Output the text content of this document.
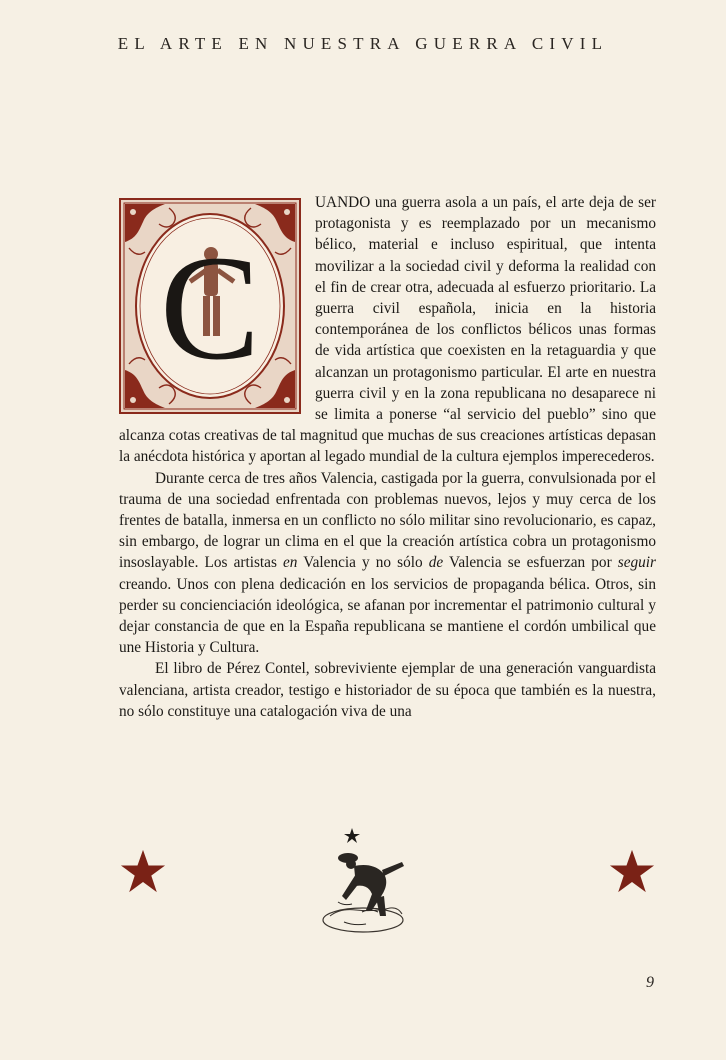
EL ARTE EN NUESTRA GUERRA CIVIL
C

UANDO una guerra asola a un país, el arte deja de ser protagonista y es reemplazado por un mecanismo bélico, material e incluso espiritual, que intenta movilizar a la sociedad civil y deforma la realidad con el fin de crear otra, adecuada al esfuerzo prioritario. La guerra civil española, inicia en la historia contemporánea de los conflictos bélicos unas formas de vida artística que coexisten en la retaguardia y que alcanzan un protagonismo particular. El arte en nuestra guerra civil y en la zona republicana no desaparece ni se limita a ponerse “al servicio del pueblo” sino que alcanza cotas creativas de tal magnitud que muchas de sus creaciones artísticas depasan la anécdota histórica y aportan al legado mundial de la cultura ejemplos imperecederos.

Durante cerca de tres años Valencia, castigada por la guerra, convulsionada por el trauma de una sociedad enfrentada con problemas nuevos, lejos y muy cerca de los frentes de batalla, inmersa en un conflicto no sólo militar sino revolucionario, es capaz, sin embargo, de lograr un clima en el que la creación artística cobra un protagonismo insoslayable. Los artistas en Valencia y no sólo de Valencia se esfuerzan por seguir creando. Unos con plena dedicación en los servicios de propaganda bélica. Otros, sin perder su concienciación ideológica, se afanan por incrementar el patrimonio cultural y dejar constancia de que en la España republicana se mantiene el cordón umbilical que une Historia y Cultura.

El libro de Pérez Contel, sobreviviente ejemplar de una generación vanguardista valenciana, artista creador, testigo e historiador de su época que también es la nuestra, no sólo constituye una catalogación viva de una

9
